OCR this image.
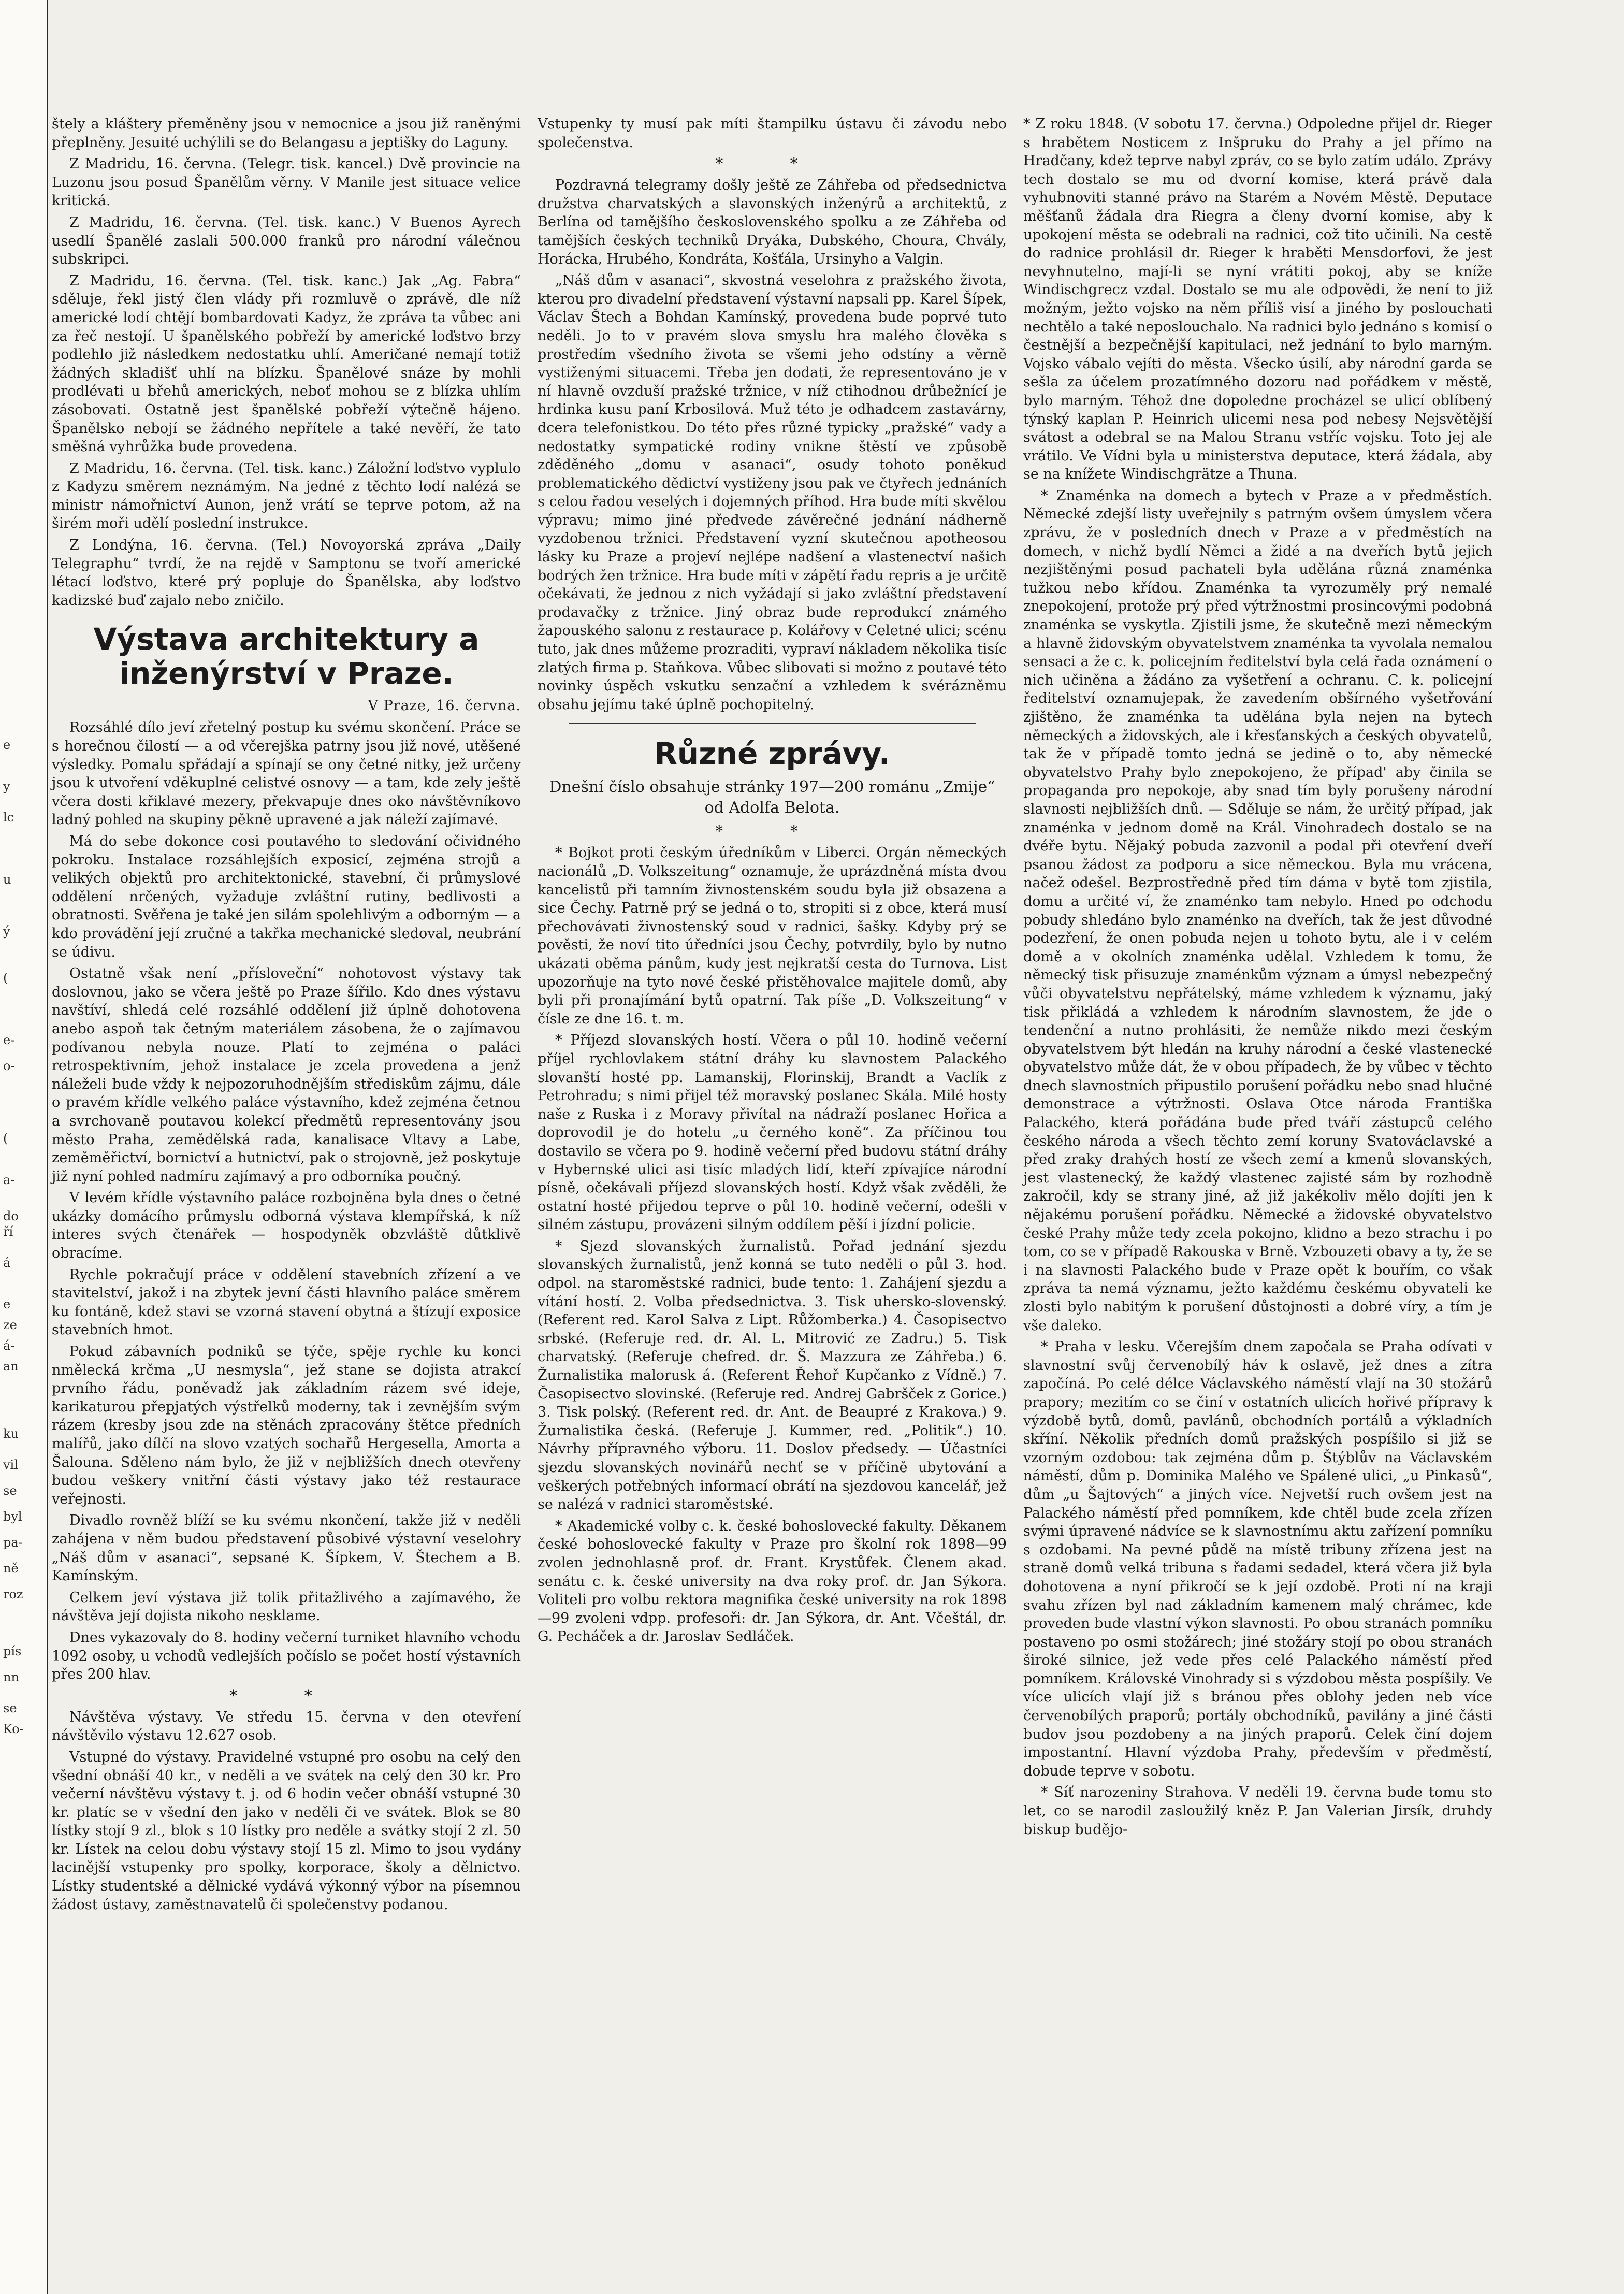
e
y
lc
u
ý
(
e-
o-
(
a-
do
ří
á
e
ze
á-
an
ku
vil
se
byl
pa-
ně
roz
pís
nn
se
Ko-

štely a kláštery přeměněny jsou v nemocnice a jsou již raněnými přeplněny. Jesuité uchýlili se do Belangasu a jeptišky do Laguny.

Z Madridu, 16. června. (Telegr. tisk. kancel.) Dvě provincie na Luzonu jsou posud Španělům věrny. V Manile jest situace velice kritická.

Z Madridu, 16. června. (Tel. tisk. kanc.) V Buenos Ayrech usedlí Španělé zaslali 500.000 franků pro národní válečnou subskripci.

Z Madridu, 16. června. (Tel. tisk. kanc.) Jak „Ag. Fabra“ sděluje, řekl jistý člen vlády při rozmluvě o zprávě, dle níž americké lodí chtějí bombardovati Kadyz, že zpráva ta vůbec ani za řeč nestojí. U španělského pobřeží by americké loďstvo brzy podlehlo již následkem nedostatku uhlí. Američané nemají totiž žádných skladišť uhlí na blízku. Španělové snáze by mohli prodlévati u břehů amerických, neboť mohou se z blízka uhlím zásobovati. Ostatně jest španělské pobřeží výtečně hájeno. Španělsko nebojí se žádného nepřítele a také nevěří, že tato směšná vyhrůžka bude provedena.

Z Madridu, 16. června. (Tel. tisk. kanc.) Záložní loďstvo vyplulo z Kadyzu směrem neznámým. Na jedné z těchto lodí nalézá se ministr námořnictví Aunon, jenž vrátí se teprve potom, až na širém moři udělí poslední instrukce.

Z Londýna, 16. června. (Tel.) Novoyorská zpráva „Daily Telegraphu“ tvrdí, že na rejdě v Samptonu se tvoří americké létací loďstvo, které prý popluje do Španělska, aby loďstvo kadizské buď zajalo nebo zničilo.

Výstava architektury a inženýrství v Praze.
V Praze, 16. června.

Rozsáhlé dílo jeví zřetelný postup ku svému skončení. Práce se s horečnou čilostí — a od včerejška patrny jsou již nové, utěšené výsledky. Pomalu spřádají a spínají se ony četné nitky, jež určeny jsou k utvoření vděkuplné celistvé osnovy — a tam, kde zely ještě včera dosti křiklavé mezery, překvapuje dnes oko návštěvníkovo ladný pohled na skupiny pěkně upravené a jak náleží zajímavé.

Má do sebe dokonce cosi poutavého to sledování očividného pokroku. Instalace rozsáhlejších exposicí, zejména strojů a velikých objektů pro architektonické, stavební, či průmyslové oddělení nrčených, vyžaduje zvláštní rutiny, bedlivosti a obratnosti. Svěřena je také jen silám spolehlivým a odborným — a kdo provádění její zručné a takřka mechanické sledoval, neubrání se údivu.

Ostatně však není „přísloveční“ nohotovost výstavy tak doslovnou, jako se včera ještě po Praze šířilo. Kdo dnes výstavu navštíví, shledá celé rozsáhlé oddělení již úplně dohotovena anebo aspoň tak četným materiálem zásobena, že o zajímavou podívanou nebyla nouze. Platí to zejména o paláci retrospektivním, jehož instalace je zcela provedena a jenž náleželi bude vždy k nejpozoruhodnějším střediskům zájmu, dále o pravém křídle velkého paláce výstavního, kdež zejména četnou a svrchovaně poutavou kolekcí předmětů representovány jsou město Praha, zemědělská rada, kanalisace Vltavy a Labe, zeměměřictví, bornictví a hutnictví, pak o strojovně, jež poskytuje již nyní pohled nadmíru zajímavý a pro odborníka poučný.

V levém křídle výstavního paláce rozbojněna byla dnes o četné ukázky domácího průmyslu odborná výstava klempířská, k níž interes svých čtenářek — hospodyněk obzvláště důtklivě obracíme.

Rychle pokračují práce v oddělení stavebních zřízení a ve stavitelství, jakož i na zbytek jevní části hlavního paláce směrem ku fontáně, kdež stavi se vzorná stavení obytná a štízují exposice stavebních hmot.

Pokud zábavních podniků se týče, spěje rychle ku konci nmělecká krčma „U nesmysla“, jež stane se dojista atrakcí prvního řádu, poněvadž jak základním rázem své ideje, karikaturou přepjatých výstřelků moderny, tak i zevnějším svým rázem (kresby jsou zde na stěnách zpracovány štětce předních malířů, jako dílčí na slovo vzatých sochařů Hergesella, Amorta a Šalouna. Sděleno nám bylo, že již v nejbližších dnech otevřeny budou veškery vnitřní části výstavy jako též restaurace veřejnosti.

Divadlo rovněž blíží se ku svému nkončení, takže již v neděli zahájena v něm budou představení působivé výstavní veselohry „Náš dům v asanaci“, sepsané K. Šípkem, V. Štechem a B. Kamínským.

Celkem jeví výstava již tolik přitažlivého a zajímavého, že návštěva její dojista nikoho nesklame.

Dnes vykazovaly do 8. hodiny večerní turniket hlavního vchodu 1092 osoby, u vchodů vedlejších počíslo se počet hostí výstavních přes 200 hlav.

* *

Návštěva výstavy. Ve středu 15. června v den otevření návštěvilo výstavu 12.627 osob.

Vstupné do výstavy. Pravidelné vstupné pro osobu na celý den všední obnáší 40 kr., v neděli a ve svátek na celý den 30 kr. Pro večerní návštěvu výstavy t. j. od 6 hodin večer obnáší vstupné 30 kr. platíc se v všední den jako v neděli či ve svátek. Blok se 80 lístky stojí 9 zl., blok s 10 lístky pro neděle a svátky stojí 2 zl. 50 kr. Lístek na celou dobu výstavy stojí 15 zl. Mimo to jsou vydány lacinější vstupenky pro spolky, korporace, školy a dělnictvo. Lístky studentské a dělnické vydává výkonný výbor na písemnou žádost ústavy, zaměstnavatelů či společenstvy podanou.

Vstupenky ty musí pak míti štampilku ústavu či závodu nebo společenstva.

* *

Pozdravná telegramy došly ještě ze Záhřeba od předsednictva družstva charvatských a slavonských inženýrů a architektů, z Berlína od tamějšího československého spolku a ze Záhřeba od tamějších českých techniků Dryáka, Dubského, Choura, Chvály, Horácka, Hrubého, Kondráta, Košťála, Ursinyho a Valgin.

„Náš dům v asanaci“, skvostná veselohra z pražského života, kterou pro divadelní představení výstavní napsali pp. Karel Šípek, Václav Štech a Bohdan Kamínský, provedena bude poprvé tuto neděli. Jo to v pravém slova smyslu hra malého člověka s prostředím všedního života se všemi jeho odstíny a věrně vystiženými situacemi. Třeba jen dodati, že representováno je v ní hlavně ovzduší pražské tržnice, v níž ctihodnou drůbežnící je hrdinka kusu paní Krbosilová. Muž této je odhadcem zastavárny, dcera telefonistkou. Do této přes různé typicky „pražské“ vady a nedostatky sympatické rodiny vnikne štěstí ve způsobě zděděného „domu v asanaci“, osudy tohoto poněkud problematického dědictví vystiženy jsou pak ve čtyřech jednáních s celou řadou veselých i dojemných příhod. Hra bude míti skvělou výpravu; mimo jiné předvede závěrečné jednání nádherně vyzdobenou tržnici. Představení vyzní skutečnou apotheosou lásky ku Praze a projeví nejlépe nadšení a vlastenectví našich bodrých žen tržnice. Hra bude míti v zápětí řadu repris a je určitě očekávati, že jednou z nich vyžádají si jako zvláštní představení prodavačky z tržnice. Jiný obraz bude reprodukcí známého žapouského salonu z restaurace p. Kolářovy v Celetné ulici; scénu tuto, jak dnes můžeme prozraditi, vypraví nákladem několika tisíc zlatých firma p. Staňkova. Vůbec slibovati si možno z poutavé této novinky úspěch vskutku senzační a vzhledem k svérázněmu obsahu jejímu také úplně pochopitelný.

Různé zprávy.
Dnešní číslo obsahuje stránky 197—200 románu „Zmije“ od Adolfa Belota.
* *

* Bojkot proti českým úředníkům v Liberci. Orgán německých nacionálů „D. Volkszeitung“ oznamuje, že uprázdněná místa dvou kancelistů při tamním živnostenském soudu byla již obsazena a sice Čechy. Patrně prý se jedná o to, stropiti si z obce, která musí přechovávati živnostenský soud v radnici, šašky. Kdyby prý se pověsti, že noví tito úředníci jsou Čechy, potvrdily, bylo by nutno ukázati oběma pánům, kudy jest nejkratší cesta do Turnova. List upozorňuje na tyto nové české přistěhovalce majitele domů, aby byli při pronajímání bytů opatrní. Tak píše „D. Volkszeitung“ v čísle ze dne 16. t. m.

* Příjezd slovanských hostí. Včera o půl 10. hodině večerní příjel rychlovlakem státní dráhy ku slavnostem Palackého slovanští hosté pp. Lamanskij, Florinskij, Brandt a Vaclík z Petrohradu; s nimi přijel též moravský poslanec Skála. Milé hosty naše z Ruska i z Moravy přivítal na nádraží poslanec Hořica a doprovodil je do hotelu „u černého koně“. Za příčinou tou dostavilo se včera po 9. hodině večerní před budovu státní dráhy v Hybernské ulici asi tisíc mladých lidí, kteří zpívajíce národní písně, očekávali příjezd slovanských hostí. Když však zvěděli, že ostatní hosté přijedou teprve o půl 10. hodině večerní, odešli v silném zástupu, provázeni silným oddílem pěší i jízdní policie.

* Sjezd slovanských žurnalistů. Pořad jednání sjezdu slovanských žurnalistů, jenž konná se tuto neděli o půl 3. hod. odpol. na staroměstské radnici, bude tento: 1. Zahájení sjezdu a vítání hostí. 2. Volba předsednictva. 3. Tisk uhersko-slovenský. (Referent red. Karol Salva z Lipt. Růžomberka.) 4. Časopisectvo srbské. (Referuje red. dr. Al. L. Mitrović ze Zadru.) 5. Tisk charvatský. (Referuje chefred. dr. Š. Mazzura ze Záhřeba.) 6. Žurnalistika malorusk á. (Referent Řehoř Kupčanko z Vídně.) 7. Časopisectvo slovinské. (Referuje red. Andrej Gabršček z Gorice.) 3. Tisk polský. (Referent red. dr. Ant. de Beaupré z Krakova.) 9. Žurnalistika česká. (Referuje J. Kummer, red. „Politik“.) 10. Návrhy přípravného výboru. 11. Doslov předsedy. — Účastníci sjezdu slovanských novinářů nechť se v příčině ubytování a veškerých potřebných informací obrátí na sjezdovou kancelář, jež se nalézá v radnici staroměstské.

* Akademické volby c. k. české bohoslovecké fakulty. Děkanem české bohoslovecké fakulty v Praze pro školní rok 1898—99 zvolen jednohlasně prof. dr. Frant. Krystůfek. Členem akad. senátu c. k. české university na dva roky prof. dr. Jan Sýkora. Voliteli pro volbu rektora magnifika české university na rok 1898—99 zvoleni vdpp. profesoři: dr. Jan Sýkora, dr. Ant. Včeštál, dr. G. Pecháček a dr. Jaroslav Sedláček.

* Z roku 1848. (V sobotu 17. června.) Odpoledne přijel dr. Rieger s hrabětem Nosticem z Inšpruku do Prahy a jel přímo na Hradčany, kdež teprve nabyl zpráv, co se bylo zatím událo. Zprávy tech dostalo se mu od dvorní komise, která právě dala vyhubnoviti stanné právo na Starém a Novém Městě. Deputace měšťanů žádala dra Riegra a členy dvorní komise, aby k upokojení města se odebrali na radnici, což tito učinili. Na cestě do radnice prohlásil dr. Rieger k hraběti Mensdorfovi, že jest nevyhnutelno, mají-li se nyní vrátiti pokoj, aby se kníže Windischgrecz vzdal. Dostalo se mu ale odpovědi, že není to již možným, ježto vojsko na něm příliš visí a jiného by poslouchati nechtělo a také neposlouchalo. Na radnici bylo jednáno s komisí o čestnější a bezpečnější kapitulaci, než jednání to bylo marným. Vojsko vábalo vejíti do města. Všecko úsilí, aby národní garda se sešla za účelem prozatímného dozoru nad pořádkem v městě, bylo marným. Téhož dne dopoledne procházel se ulicí oblíbený týnský kaplan P. Heinrich ulicemi nesa pod nebesy Nejsvětější svátost a odebral se na Malou Stranu vstříc vojsku. Toto jej ale vrátilo. Ve Vídni byla u ministerstva deputace, která žádala, aby se na knížete Windischgrätze a Thuna.

* Znaménka na domech a bytech v Praze a v předměstích. Německé zdejší listy uveřejnily s patrným ovšem úmyslem včera zprávu, že v posledních dnech v Praze a v předměstích na domech, v nichž bydlí Němci a židé a na dveřích bytů jejich nezjištěnými posud pachateli byla udělána různá znaménka tužkou nebo křídou. Znaménka ta vyrozuměly prý nemalé znepokojení, protože prý před výtržnostmi prosincovými podobná znaménka se vyskytla. Zjistili jsme, že skutečně mezi německým a hlavně židovským obyvatelstvem znaménka ta vyvolala nemalou sensaci a že c. k. policejním ředitelství byla celá řada oznámení o nich učiněna a žádáno za vyšetření a ochranu. C. k. policejní ředitelství oznamujepak, že zavedením obšírného vyšetřování zjištěno, že znaménka ta udělána byla nejen na bytech německých a židovských, ale i křesťanských a českých obyvatelů, tak že v případě tomto jedná se jedině o to, aby německé obyvatelstvo Prahy bylo znepokojeno, že případ' aby činila se propaganda pro nepokoje, aby snad tím byly porušeny národní slavnosti nejbližších dnů. — Sděluje se nám, že určitý případ, jak znaménka v jednom domě na Král. Vinohradech dostalo se na dvéře bytu. Nějaký pobuda zazvonil a podal při otevření dveří psanou žádost za podporu a sice německou. Byla mu vrácena, načež odešel. Bezprostředně před tím dáma v bytě tom zjistila, domu a určité ví, že znaménko tam nebylo. Hned po odchodu pobudy shledáno bylo znaménko na dveřích, tak že jest důvodné podezření, že onen pobuda nejen u tohoto bytu, ale i v celém domě a v okolních znaménka udělal. Vzhledem k tomu, že německý tisk přisuzuje znaménkům význam a úmysl nebezpečný vůči obyvatelstvu nepřátelský, máme vzhledem k významu, jaký tisk přikládá a vzhledem k národním slavnostem, že jde o tendenční a nutno prohlásiti, že nemůže nikdo mezi českým obyvatelstvem být hledán na kruhy národní a české vlastenecké obyvatelstvo může dát, že v obou případech, že by vůbec v těchto dnech slavnostních připustilo porušení pořádku nebo snad hlučné demonstrace a výtržnosti. Oslava Otce národa Františka Palackého, která pořádána bude před tváří zástupců celého českého národa a všech těchto zemí koruny Svatováclavské a před zraky drahých hostí ze všech zemí a kmenů slovanských, jest vlastenecký, že každý vlastenec zajisté sám by rozhodně zakročil, kdy se strany jiné, až již jakékoliv mělo dojíti jen k nějakému porušení pořádku. Německé a židovské obyvatelstvo české Prahy může tedy zcela pokojno, klidno a bezo strachu i po tom, co se v případě Rakouska v Brně. Vzbouzeti obavy a ty, že se i na slavnosti Palackého bude v Praze opět k bouřím, co však zpráva ta nemá významu, ježto každému českému obyvateli ke zlosti bylo nabitým k porušení důstojnosti a dobré víry, a tím je vše daleko.

* Praha v lesku. Včerejším dnem započala se Praha odívati v slavnostní svůj červenobílý háv k oslavě, jež dnes a zítra započíná. Po celé délce Václavského náměstí vlají na 30 stožárů prapory; mezitím co se činí v ostatních ulicích hořivé přípravy k výzdobě bytů, domů, pavlánů, obchodních portálů a výkladních skříní. Několik předních domů pražských pospíšilo si již se vzorným ozdobou: tak zejména dům p. Štýblův na Václavském náměstí, dům p. Dominika Malého ve Spálené ulici, „u Pinkasů“, dům „u Šajtových“ a jiných více. Nejvetší ruch ovšem jest na Palackého náměstí před pomníkem, kde chtěl bude zcela zřízen svými úpravené nádvíce se k slavnostnímu aktu zařízení pomníku s ozdobami. Na pevné půdě na místě tribuny zřízena jest na straně domů velká tribuna s řadami sedadel, která včera již byla dohotovena a nyní přikročí se k její ozdobě. Proti ní na kraji svahu zřízen byl nad základním kamenem malý chrámec, kde proveden bude vlastní výkon slavnosti. Po obou stranách pomníku postaveno po osmi stožárech; jiné stožáry stojí po obou stranách široké silnice, jež vede přes celé Palackého náměstí před pomníkem. Královské Vinohrady si s výzdobou města pospíšily. Ve více ulicích vlají již s bránou přes oblohy jeden neb více červenobílých praporů; portály obchodníků, pavilány a jiné části budov jsou pozdobeny a na jiných praporů. Celek činí dojem impostantní. Hlavní výzdoba Prahy, především v předměstí, dobude teprve v sobotu.

* Síť narozeniny Strahova. V neděli 19. června bude tomu sto let, co se narodil zasloužilý kněz P. Jan Valerian Jirsík, druhdy biskup budějo-
